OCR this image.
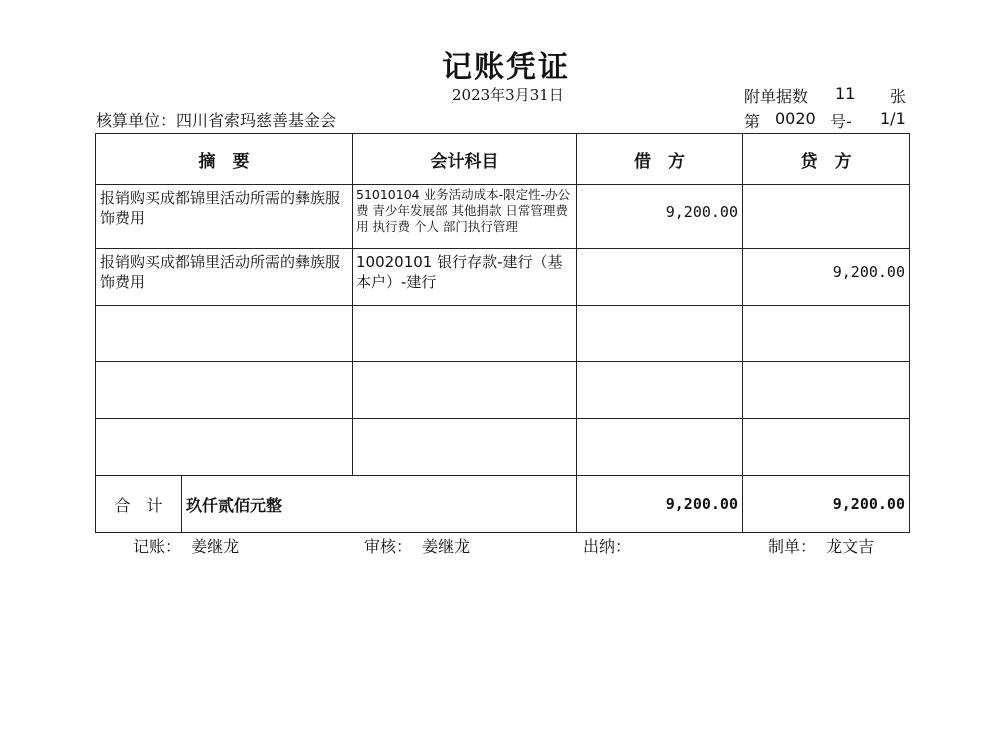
记账凭证
2023年3月31日	附单据数 11 张
核算单位：四川省索玛慈善基金会	第 0020 号- 1/1
摘　要		会计科目	借　方	贷　方
报销购买成都锦里活动所需的彝族服饰费用		51010104 业务活动成本-限定性-办公费 青少年发展部 其他捐款 日常管理费用 执行费 个人 部门执行管理	9,200.00	
报销购买成都锦里活动所需的彝族服饰费用		10020101 银行存款-建行（基本户）-建行		9,200.00

合　计	玖仟贰佰元整		9,200.00	9,200.00
记账：  姜继龙	审核：  姜继龙	出纳：	制单：  龙文吉
